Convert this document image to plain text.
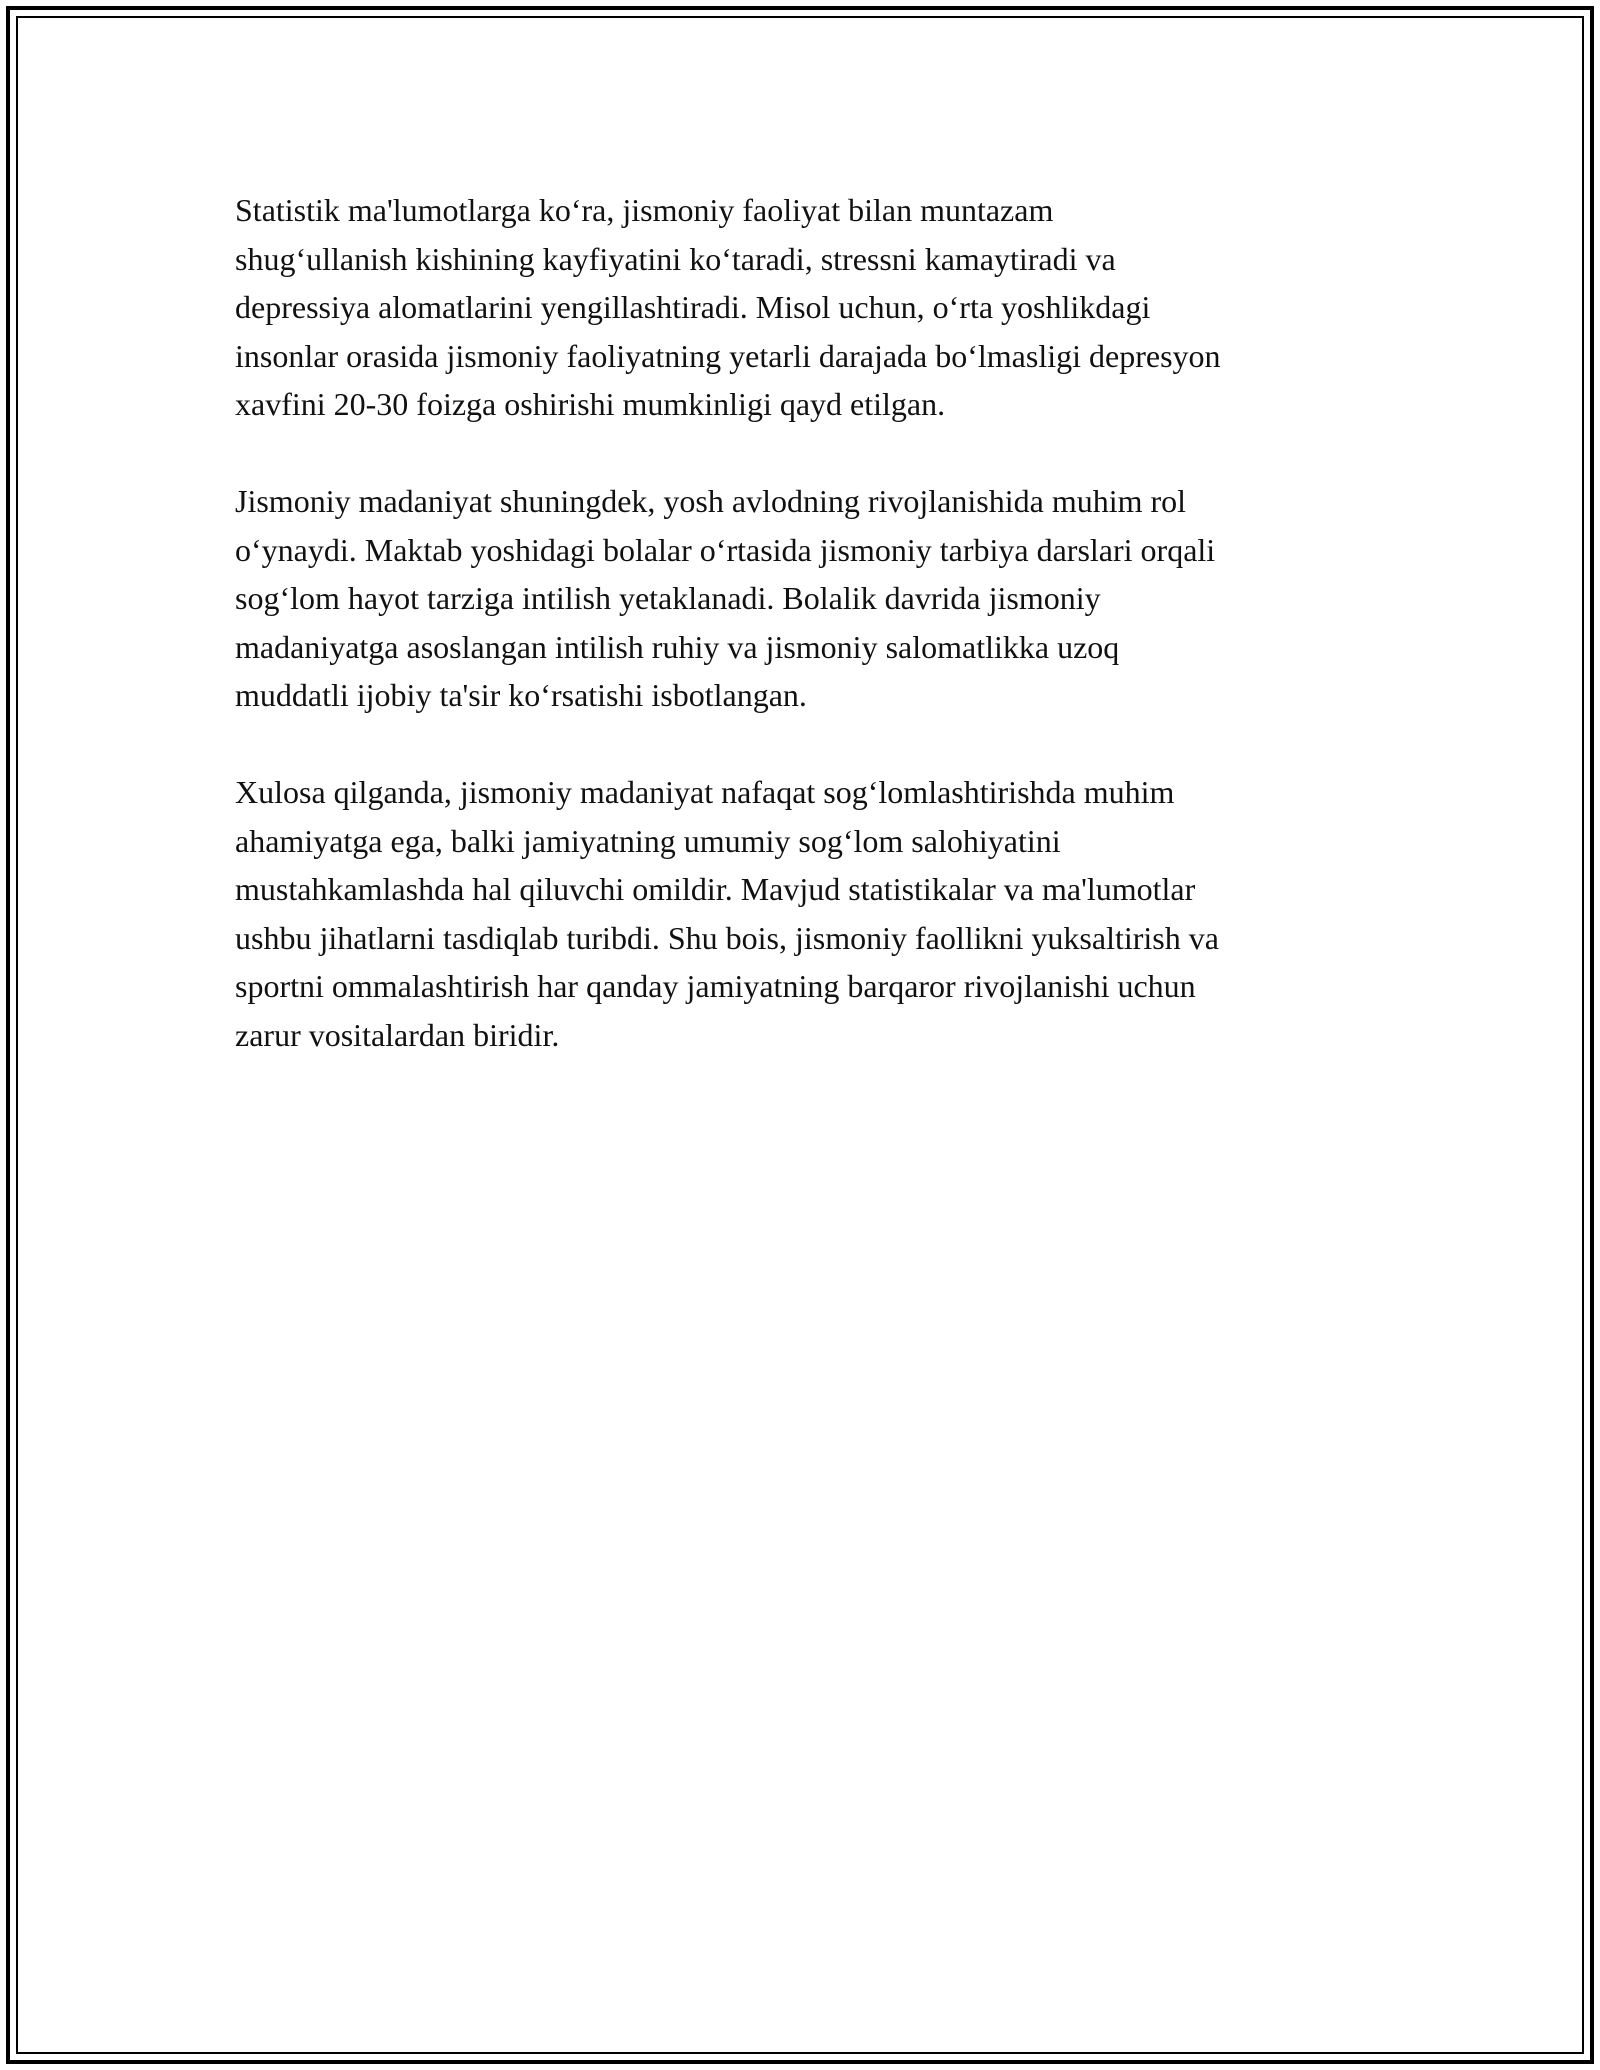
Statistik ma'lumotlarga ko‘ra, jismoniy faoliyat bilan muntazam
shug‘ullanish kishining kayfiyatini ko‘taradi, stressni kamaytiradi va
depressiya alomatlarini yengillashtiradi. Misol uchun, o‘rta yoshlikdagi
insonlar orasida jismoniy faoliyatning yetarli darajada bo‘lmasligi depresyon
xavfini 20-30 foizga oshirishi mumkinligi qayd etilgan.

Jismoniy madaniyat shuningdek, yosh avlodning rivojlanishida muhim rol
o‘ynaydi. Maktab yoshidagi bolalar o‘rtasida jismoniy tarbiya darslari orqali
sog‘lom hayot tarziga intilish yetaklanadi. Bolalik davrida jismoniy
madaniyatga asoslangan intilish ruhiy va jismoniy salomatlikka uzoq
muddatli ijobiy ta'sir ko‘rsatishi isbotlangan.

Xulosa qilganda, jismoniy madaniyat nafaqat sog‘lomlashtirishda muhim
ahamiyatga ega, balki jamiyatning umumiy sog‘lom salohiyatini
mustahkamlashda hal qiluvchi omildir. Mavjud statistikalar va ma'lumotlar
ushbu jihatlarni tasdiqlab turibdi. Shu bois, jismoniy faollikni yuksaltirish va
sportni ommalashtirish har qanday jamiyatning barqaror rivojlanishi uchun
zarur vositalardan biridir.
